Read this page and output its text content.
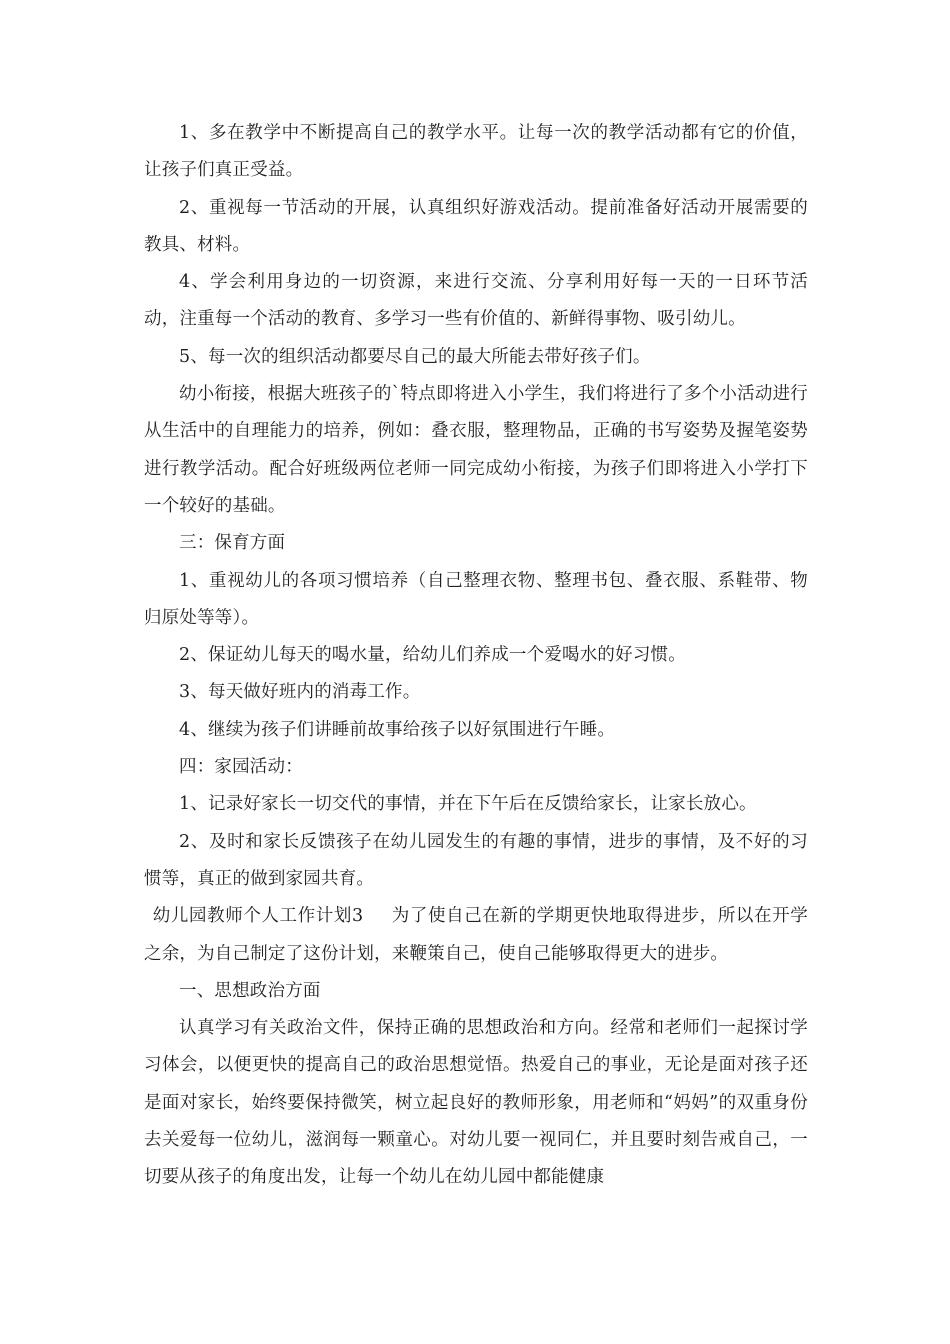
1、多在教学中不断提高自己的教学水平。让每一次的教学活动都有它的价值，让孩子们真正受益。

2、重视每一节活动的开展，认真组织好游戏活动。提前准备好活动开展需要的教具、材料。

4、学会利用身边的一切资源，来进行交流、分享利用好每一天的一日环节活动，注重每一个活动的教育、多学习一些有价值的、新鲜得事物、吸引幼儿。

5、每一次的组织活动都要尽自己的最大所能去带好孩子们。

幼小衔接，根据大班孩子的`特点即将进入小学生，我们将进行了多个小活动进行从生活中的自理能力的培养，例如：叠衣服，整理物品，正确的书写姿势及握笔姿势进行教学活动。配合好班级两位老师一同完成幼小衔接，为孩子们即将进入小学打下一个较好的基础。

三：保育方面

1、重视幼儿的各项习惯培养（自己整理衣物、整理书包、叠衣服、系鞋带、物归原处等等）。

2、保证幼儿每天的喝水量，给幼儿们养成一个爱喝水的好习惯。

3、每天做好班内的消毒工作。

4、继续为孩子们讲睡前故事给孩子以好氛围进行午睡。

四：家园活动：

1、记录好家长一切交代的事情，并在下午后在反馈给家长，让家长放心。

2、及时和家长反馈孩子在幼儿园发生的有趣的事情，进步的事情，及不好的习惯等，真正的做到家园共育。

幼儿园教师个人工作计划3 为了使自己在新的学期更快地取得进步，所以在开学之余，为自己制定了这份计划，来鞭策自己，使自己能够取得更大的进步。

一、思想政治方面

认真学习有关政治文件，保持正确的思想政治和方向。经常和老师们一起探讨学习体会，以便更快的提高自己的政治思想觉悟。热爱自己的事业，无论是面对孩子还是面对家长，始终要保持微笑，树立起良好的教师形象，用老师和“妈妈”的双重身份去关爱每一位幼儿，滋润每一颗童心。对幼儿要一视同仁，并且要时刻告戒自己，一切要从孩子的角度出发，让每一个幼儿在幼儿园中都能健康
